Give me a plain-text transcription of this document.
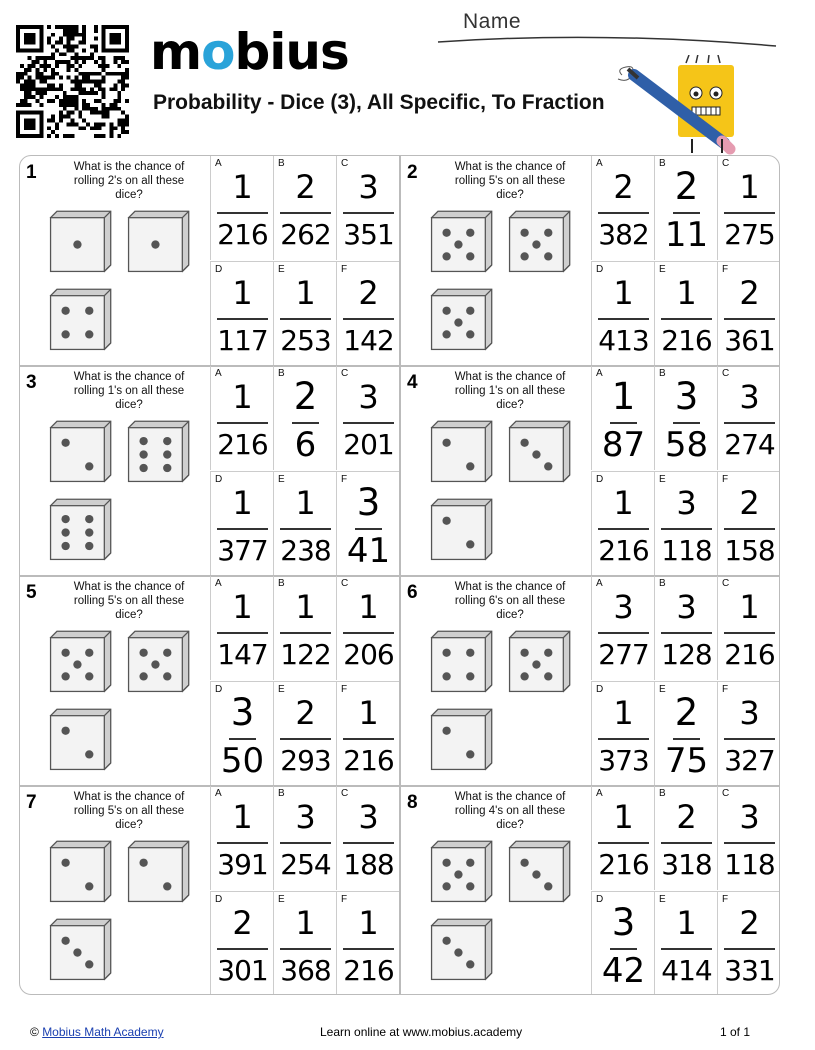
mobius
Probability - Dice (3), All Specific, To Fraction
Name
1	What is the chance of rolling 2's on all these dice?
A
1
216
B
2
262
C
3
351
D
1
117
E
1
253
F
2
142
2	What is the chance of rolling 5's on all these dice?
A
2
382
B
2
11
C
1
275
D
1
413
E
1
216
F
2
361
3	What is the chance of rolling 1's on all these dice?
A
1
216
B
2
6
C
3
201
D
1
377
E
1
238
F
3
41
4	What is the chance of rolling 1's on all these dice?
A
1
87
B
3
58
C
3
274
D
1
216
E
3
118
F
2
158
5	What is the chance of rolling 5's on all these dice?
A
1
147
B
1
122
C
1
206
D
3
50
E
2
293
F
1
216
6	What is the chance of rolling 6's on all these dice?
A
3
277
B
3
128
C
1
216
D
1
373
E
2
75
F
3
327
7	What is the chance of rolling 5's on all these dice?
A
1
391
B
3
254
C
3
188
D
2
301
E
1
368
F
1
216
8	What is the chance of rolling 4's on all these dice?
A
1
216
B
2
318
C
3
118
D
3
42
E
1
414
F
2
331
© Mobius Math Academy	Learn online at www.mobius.academy	1 of 1
